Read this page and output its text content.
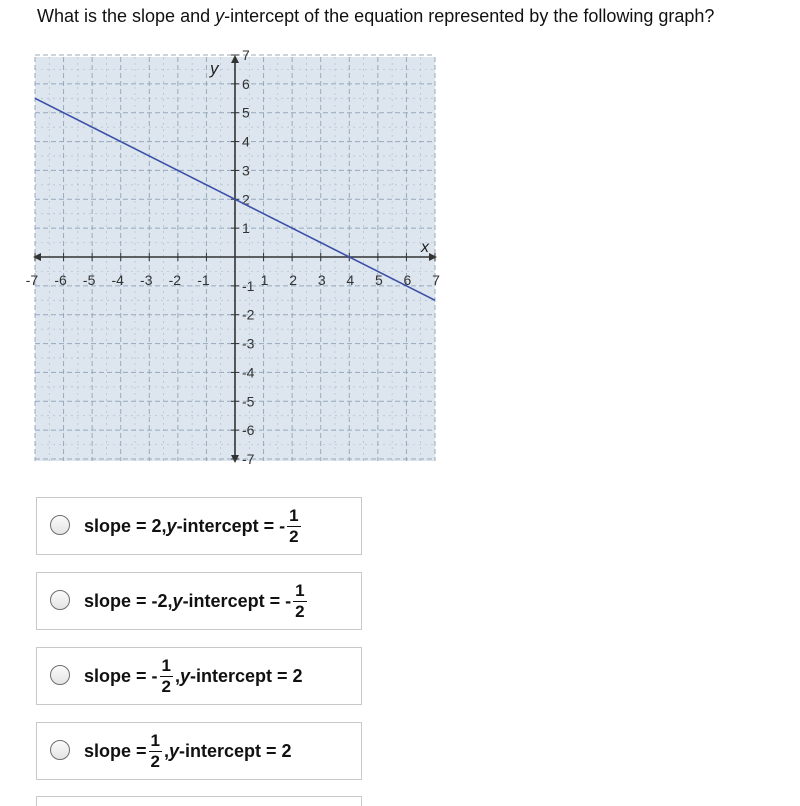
What is the slope and y-intercept of the equation represented by the following graph?
-7 -6 -5 -4 -3 -2 -1	1 2 3 4 5 6 7
7
6
5
4
3
2
1
-1
-2
-3
-4
-5
-6
-7
x
y
slope = 2, y -intercept = - $\frac{1}{2}$
slope = -2, y -intercept = - $\frac{1}{2}$
slope = - $\frac{1}{2}$ , y -intercept = 2
slope = $\frac{1}{2}$ , y -intercept = 2
